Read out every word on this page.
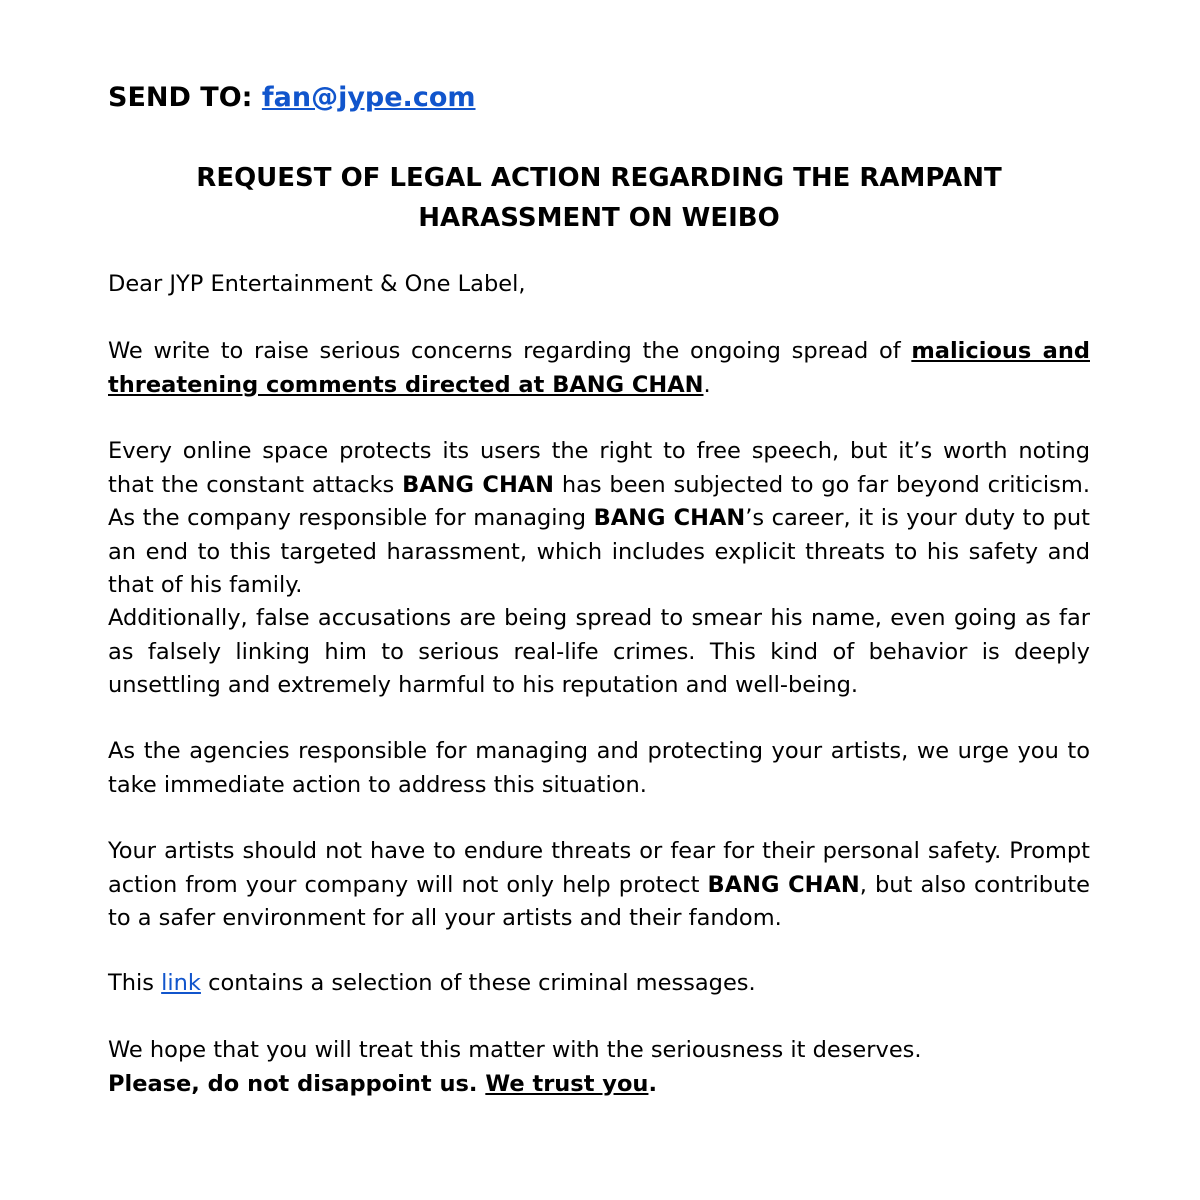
SEND TO: fan@jype.com
REQUEST OF LEGAL ACTION REGARDING THE RAMPANT
HARASSMENT ON WEIBO
Dear JYP Entertainment & One Label,
We write to raise serious concerns regarding the ongoing spread of malicious and threatening comments directed at BANG CHAN.
Every online space protects its users the right to free speech, but it’s worth noting that the constant attacks BANG CHAN has been subjected to go far beyond criticism. As the company responsible for managing BANG CHAN’s career, it is your duty to put an end to this targeted harassment, which includes explicit threats to his safety and that of his family.
Additionally, false accusations are being spread to smear his name, even going as far as falsely linking him to serious real-life crimes. This kind of behavior is deeply unsettling and extremely harmful to his reputation and well-being.
As the agencies responsible for managing and protecting your artists, we urge you to take immediate action to address this situation.
Your artists should not have to endure threats or fear for their personal safety. Prompt action from your company will not only help protect BANG CHAN, but also contribute to a safer environment for all your artists and their fandom.
This link contains a selection of these criminal messages.
We hope that you will treat this matter with the seriousness it deserves.
Please, do not disappoint us. We trust you.
